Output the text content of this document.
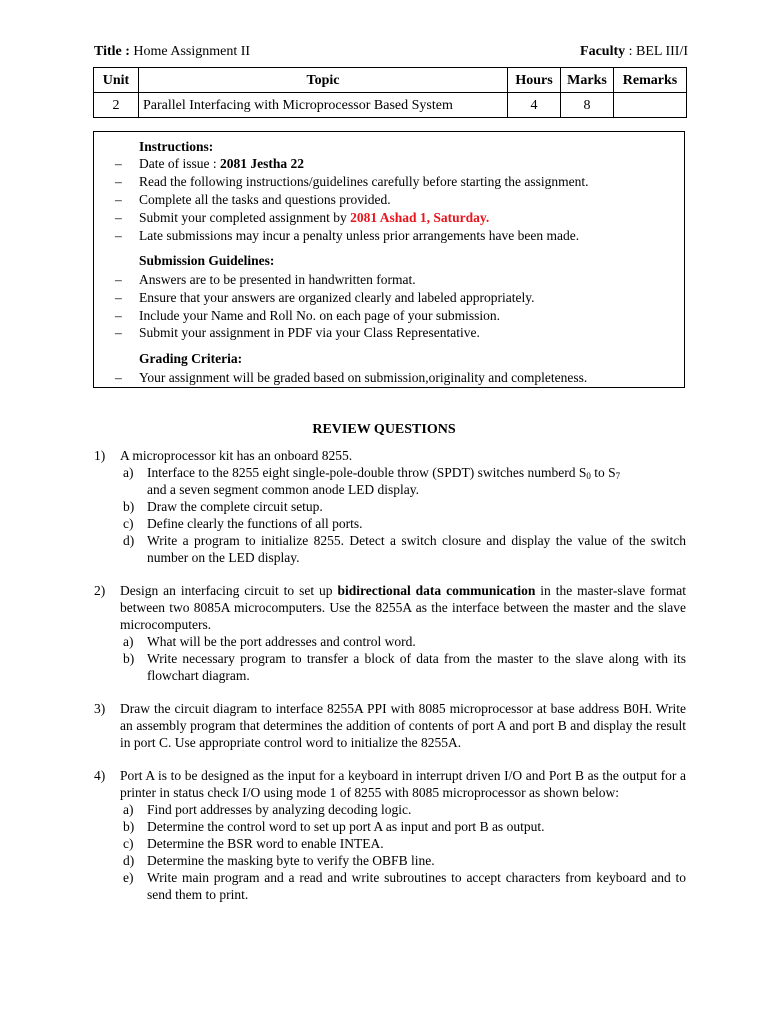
Title : Home Assignment II	Faculty : BEL III/I
Unit	Topic	Hours	Marks	Remarks
2	Parallel Interfacing with Microprocessor Based System	4	8	
Instructions:
– Date of issue : 2081 Jestha 22
– Read the following instructions/guidelines carefully before starting the assignment.
– Complete all the tasks and questions provided.
– Submit your completed assignment by 2081 Ashad 1, Saturday.
– Late submissions may incur a penalty unless prior arrangements have been made.
Submission Guidelines:
– Answers are to be presented in handwritten format.
– Ensure that your answers are organized clearly and labeled appropriately.
– Include your Name and Roll No. on each page of your submission.
– Submit your assignment in PDF via your Class Representative.
Grading Criteria:
– Your assignment will be graded based on submission,originality and completeness.
REVIEW QUESTIONS
1) A microprocessor kit has an onboard 8255.

a) Interface to the 8255 eight single-pole-double throw (SPDT) switches numberd $S_0$ to $S_7$
and a seven segment common anode LED display.
b) Draw the complete circuit setup.
c) Define clearly the functions of all ports.
d) Write a program to initialize 8255. Detect a switch closure and display the value of the switch number on the LED display.
2) Design an interfacing circuit to set up bidirectional data communication in the master-slave format between two 8085A microcomputers. Use the 8255A as the interface between the master and the slave microcomputers.

a) What will be the port addresses and control word.
b) Write necessary program to transfer a block of data from the master to the slave along with its flowchart diagram.
3) Draw the circuit diagram to interface 8255A PPI with 8085 microprocessor at base address B0H. Write an assembly program that determines the addition of contents of port A and port B and display the result in port C. Use appropriate control word to initialize the 8255A.

4) Port A is to be designed as the input for a keyboard in interrupt driven I/O and Port B as the output for a printer in status check I/O using mode 1 of 8255 with 8085 microprocessor as shown below:

a) Find port addresses by analyzing decoding logic.
b) Determine the control word to set up port A as input and port B as output.
c) Determine the BSR word to enable INTEA.
d) Determine the masking byte to verify the OBFB line.
e) Write main program and a read and write subroutines to accept characters from keyboard and to send them to print.
